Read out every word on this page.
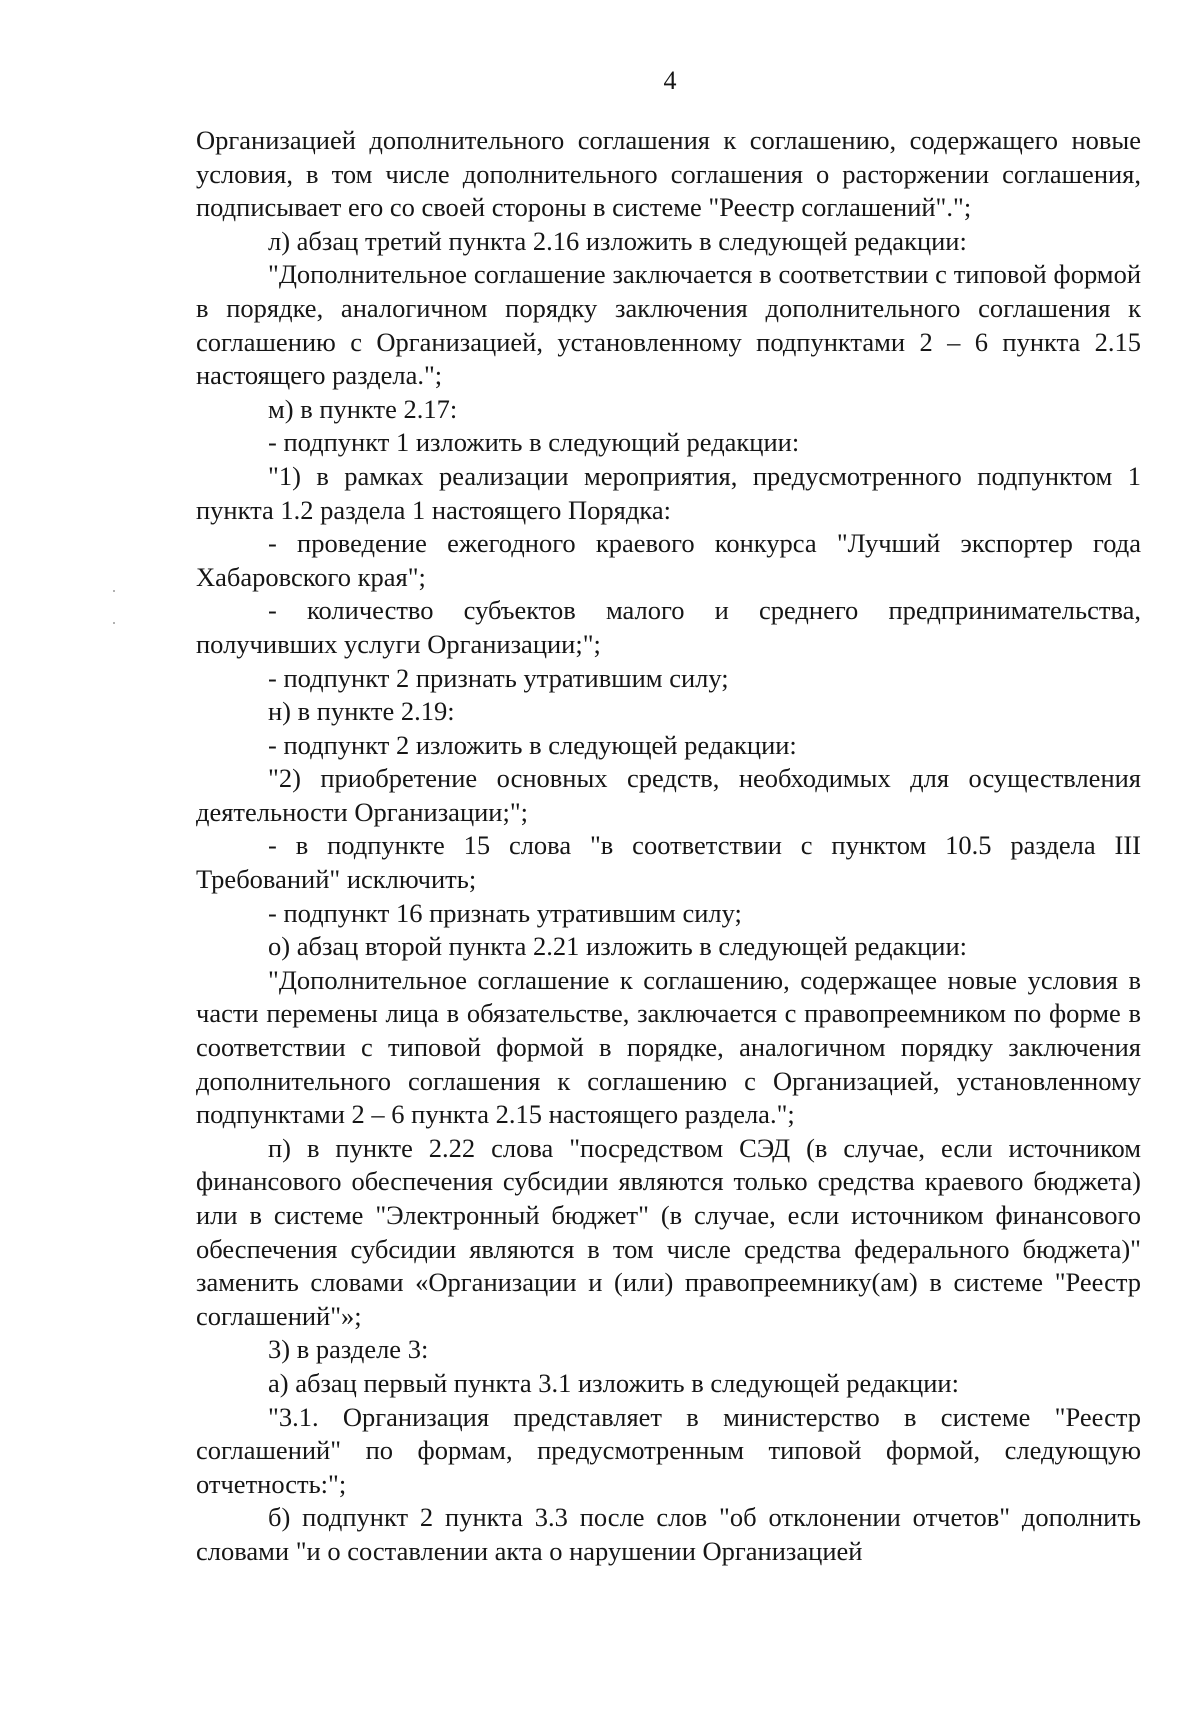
4

Организацией дополнительного соглашения к соглашению, содержащего новые условия, в том числе дополнительного соглашения о расторжении соглашения, подписывает его со своей стороны в системе "Реестр соглашений".";

л) абзац третий пункта 2.16 изложить в следующей редакции:

"Дополнительное соглашение заключается в соответствии с типовой формой в порядке, аналогичном порядку заключения дополнительного соглашения к соглашению с Организацией, установленному подпунктами 2 – 6 пункта 2.15 настоящего раздела.";

м) в пункте 2.17:

- подпункт 1 изложить в следующий редакции:

"1) в рамках реализации мероприятия, предусмотренного подпунктом 1 пункта 1.2 раздела 1 настоящего Порядка:

- проведение ежегодного краевого конкурса "Лучший экспортер года Хабаровского края";

- количество субъектов малого и среднего предпринимательства, получивших услуги Организации;";

- подпункт 2 признать утратившим силу;

н) в пункте 2.19:

- подпункт 2 изложить в следующей редакции:

"2) приобретение основных средств, необходимых для осуществления деятельности Организации;";

- в подпункте 15 слова "в соответствии с пунктом 10.5 раздела III Требований" исключить;

- подпункт 16 признать утратившим силу;

о) абзац второй пункта 2.21 изложить в следующей редакции:

"Дополнительное соглашение к соглашению, содержащее новые условия в части перемены лица в обязательстве, заключается с правопреемником по форме в соответствии с типовой формой в порядке, аналогичном порядку заключения дополнительного соглашения к соглашению с Организацией, установленному подпунктами 2 – 6 пункта 2.15 настоящего раздела.";

п) в пункте 2.22 слова "посредством СЭД (в случае, если источником финансового обеспечения субсидии являются только средства краевого бюджета) или в системе "Электронный бюджет" (в случае, если источником финансового обеспечения субсидии являются в том числе средства федерального бюджета)" заменить словами «Организации и (или) правопреемнику(ам) в системе "Реестр соглашений"»;

3) в разделе 3:

а) абзац первый пункта 3.1 изложить в следующей редакции:

"3.1. Организация представляет в министерство в системе "Реестр соглашений" по формам, предусмотренным типовой формой, следующую отчетность:";

б) подпункт 2 пункта 3.3 после слов "об отклонении отчетов" дополнить словами "и о составлении акта о нарушении Организацией
